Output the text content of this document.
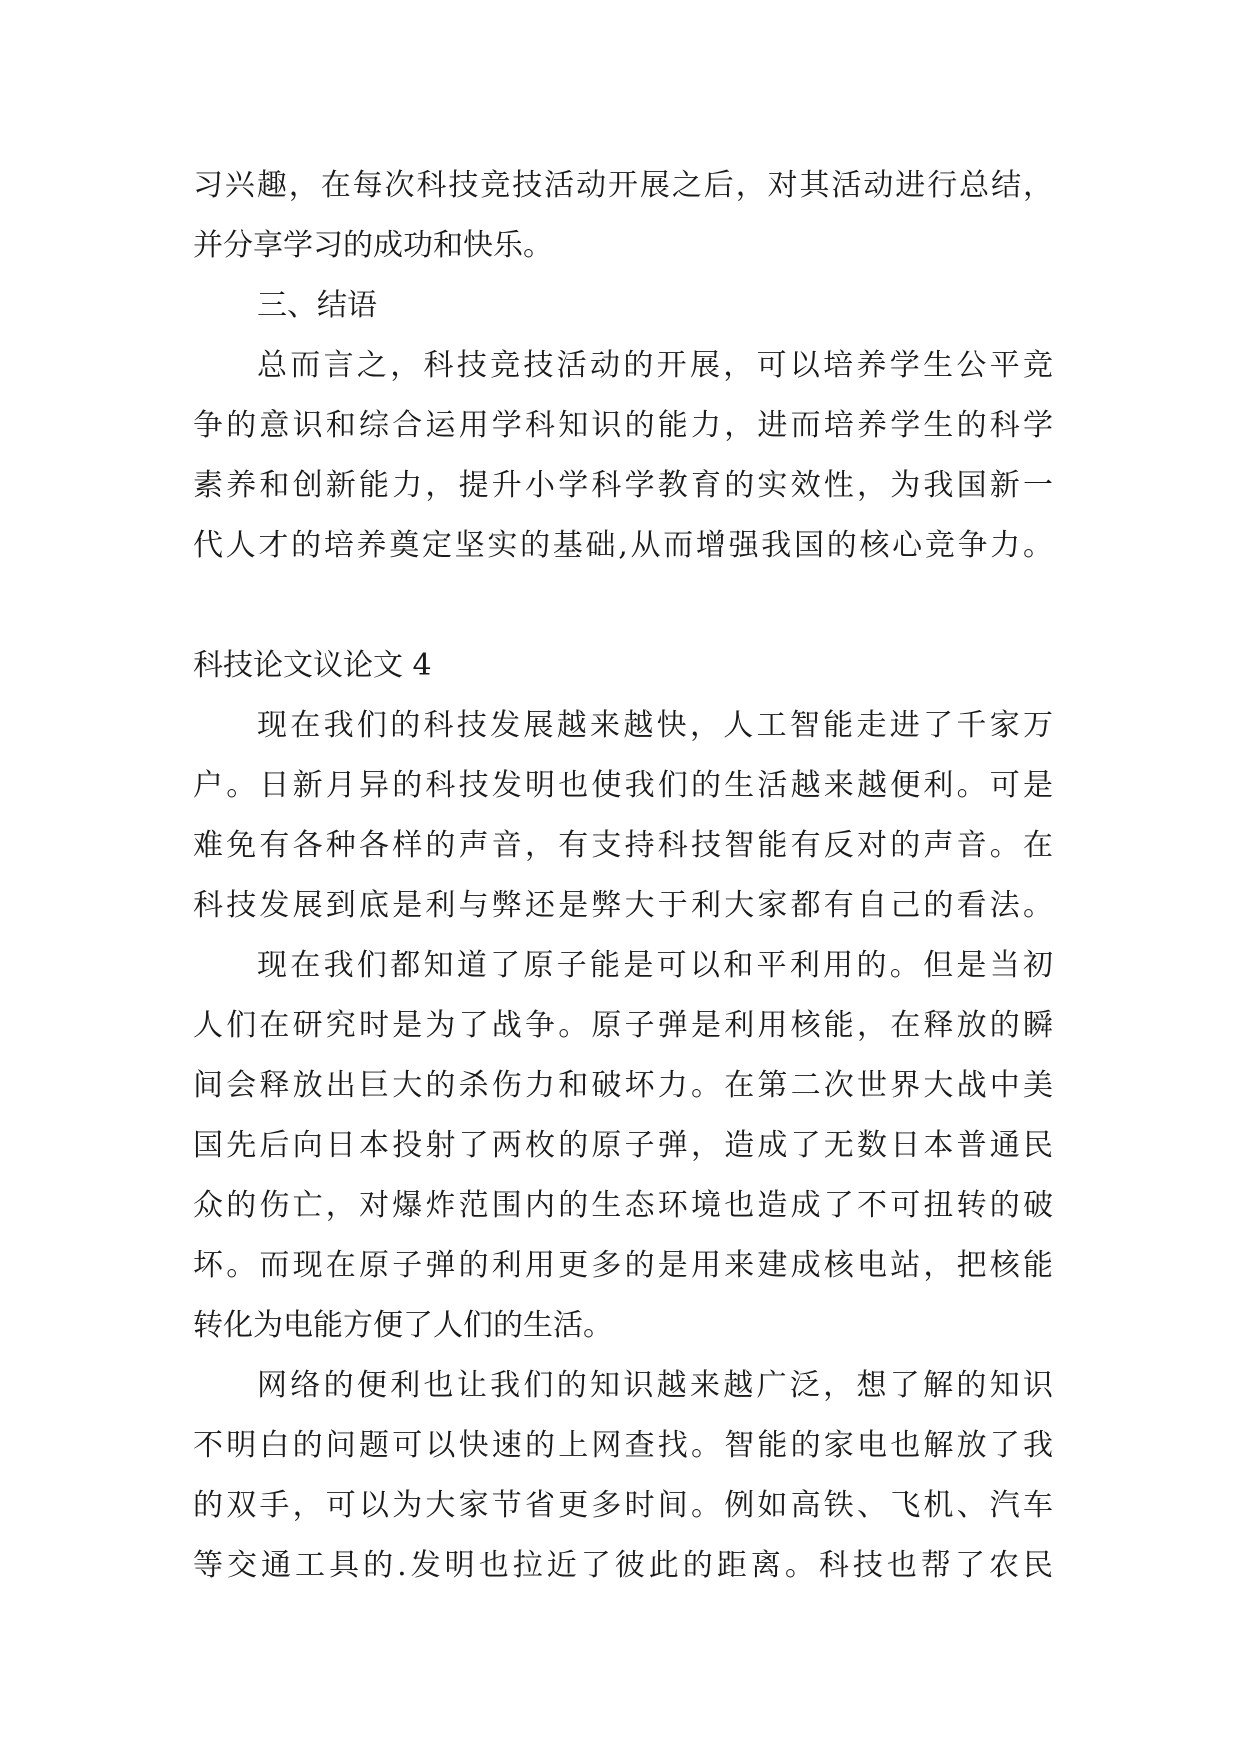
习兴趣，在每次科技竞技活动开展之后，对其活动进行总结，
并分享学习的成功和快乐。
三、结语
总而言之，科技竞技活动的开展，可以培养学生公平竞
争的意识和综合运用学科知识的能力，进而培养学生的科学
素养和创新能力，提升小学科学教育的实效性，为我国新一
代人才的培养奠定坚实的基础,从而增强我国的核心竞争力。
科技论文议论文 4
现在我们的科技发展越来越快，人工智能走进了千家万
户。日新月异的科技发明也使我们的生活越来越便利。可是
难免有各种各样的声音，有支持科技智能有反对的声音。在
科技发展到底是利与弊还是弊大于利大家都有自己的看法。
现在我们都知道了原子能是可以和平利用的。但是当初
人们在研究时是为了战争。原子弹是利用核能，在释放的瞬
间会释放出巨大的杀伤力和破坏力。在第二次世界大战中美
国先后向日本投射了两枚的原子弹，造成了无数日本普通民
众的伤亡，对爆炸范围内的生态环境也造成了不可扭转的破
坏。而现在原子弹的利用更多的是用来建成核电站，把核能
转化为电能方便了人们的生活。
网络的便利也让我们的知识越来越广泛，想了解的知识
不明白的问题可以快速的上网查找。智能的家电也解放了我
的双手，可以为大家节省更多时间。例如高铁、飞机、汽车
等交通工具的.发明也拉近了彼此的距离。科技也帮了农民
